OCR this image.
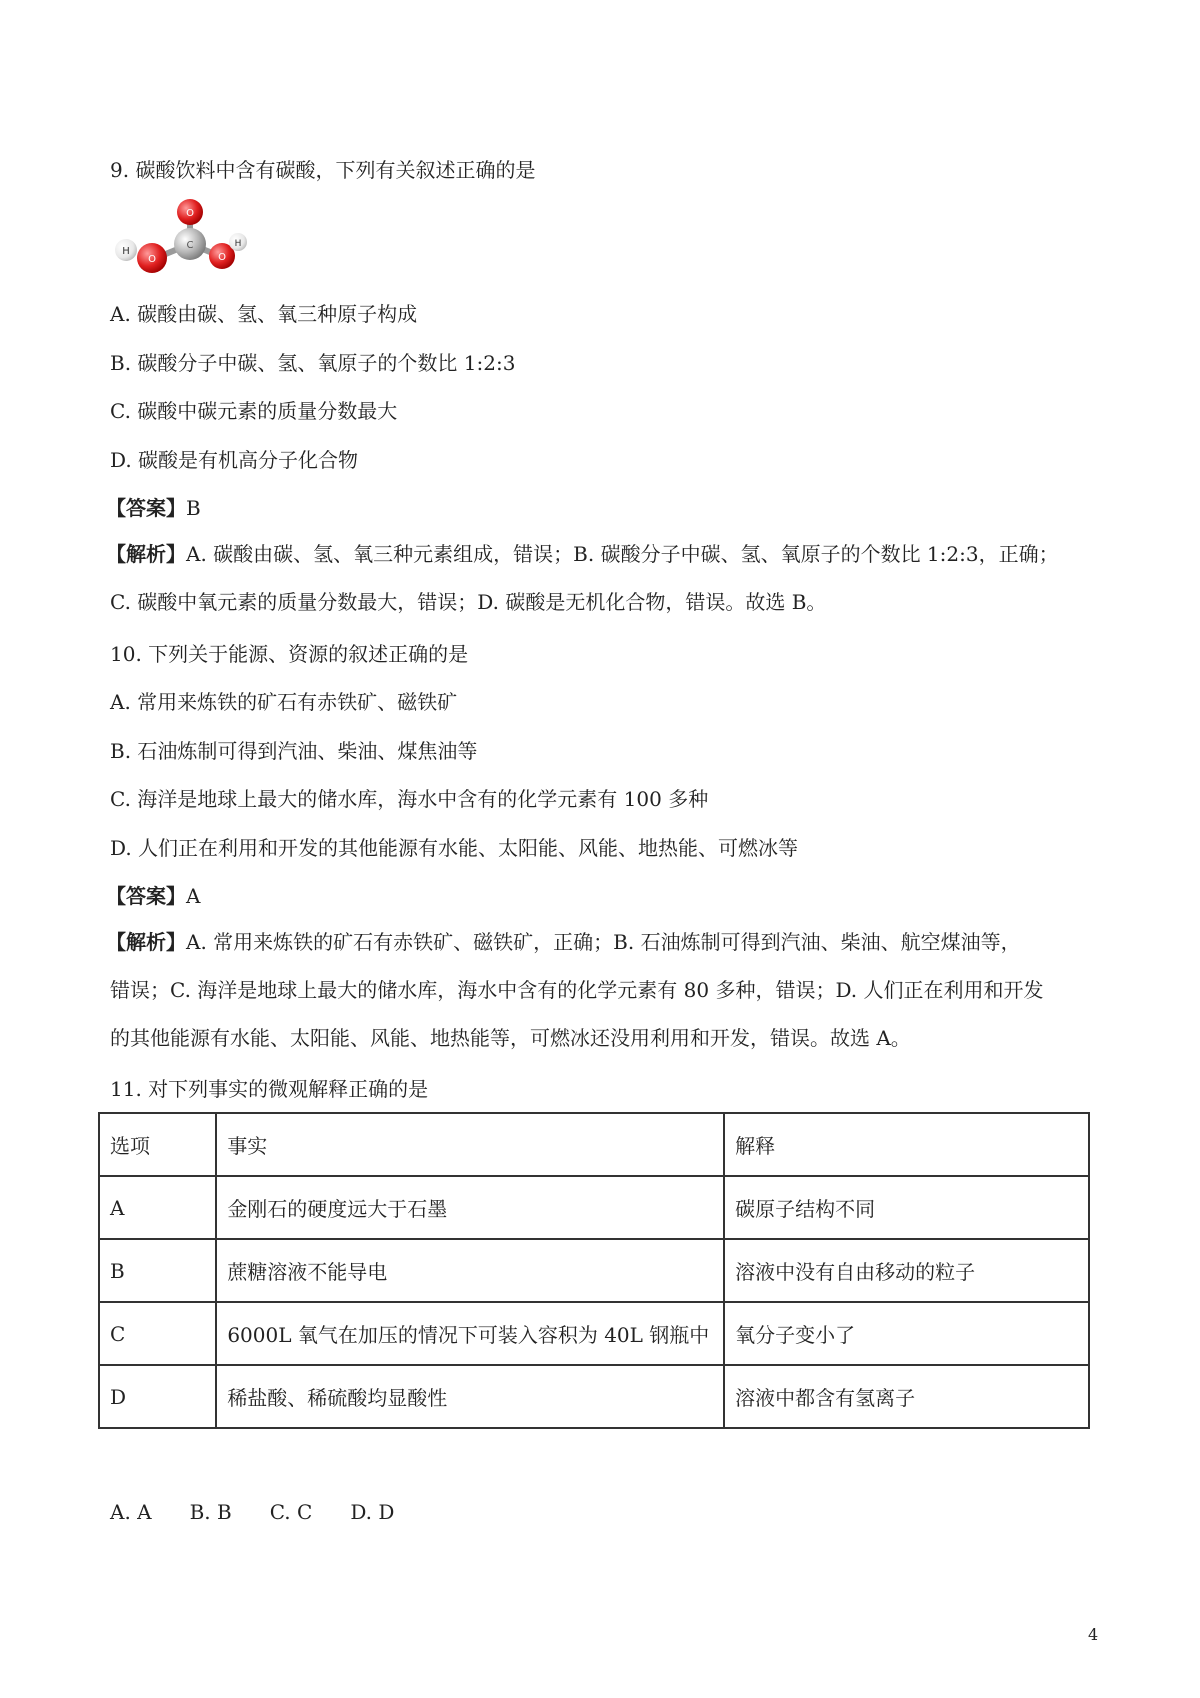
9. 碳酸饮料中含有碳酸，下列有关叙述正确的是
H
O
O
C
O
H
A. 碳酸由碳、氢、氧三种原子构成
B. 碳酸分子中碳、氢、氧原子的个数比 1:2:3
C. 碳酸中碳元素的质量分数最大
D. 碳酸是有机高分子化合物
【答案】B

【解析】A. 碳酸由碳、氢、氧三种元素组成，错误；B. 碳酸分子中碳、氢、氧原子的个数比 1:2:3，正确；

C. 碳酸中氧元素的质量分数最大，错误；D. 碳酸是无机化合物，错误。故选 B。

10. 下列关于能源、资源的叙述正确的是
A. 常用来炼铁的矿石有赤铁矿、磁铁矿
B. 石油炼制可得到汽油、柴油、煤焦油等
C. 海洋是地球上最大的储水库，海水中含有的化学元素有 100 多种
D. 人们正在利用和开发的其他能源有水能、太阳能、风能、地热能、可燃冰等
【答案】A

【解析】A. 常用来炼铁的矿石有赤铁矿、磁铁矿，正确；B. 石油炼制可得到汽油、柴油、航空煤油等，

错误；C. 海洋是地球上最大的储水库，海水中含有的化学元素有 80 多种，错误；D. 人们正在利用和开发

的其他能源有水能、太阳能、风能、地热能等，可燃冰还没用利用和开发，错误。故选 A。

11. 对下列事实的微观解释正确的是
选项	事实	解释
A	金刚石的硬度远大于石墨	碳原子结构不同
B	蔗糖溶液不能导电	溶液中没有自由移动的粒子
C	6000L 氧气在加压的情况下可装入容积为 40L 钢瓶中	氧分子变小了
D	稀盐酸、稀硫酸均显酸性	溶液中都含有氢离子
A. A B. B C. C D. D
4
